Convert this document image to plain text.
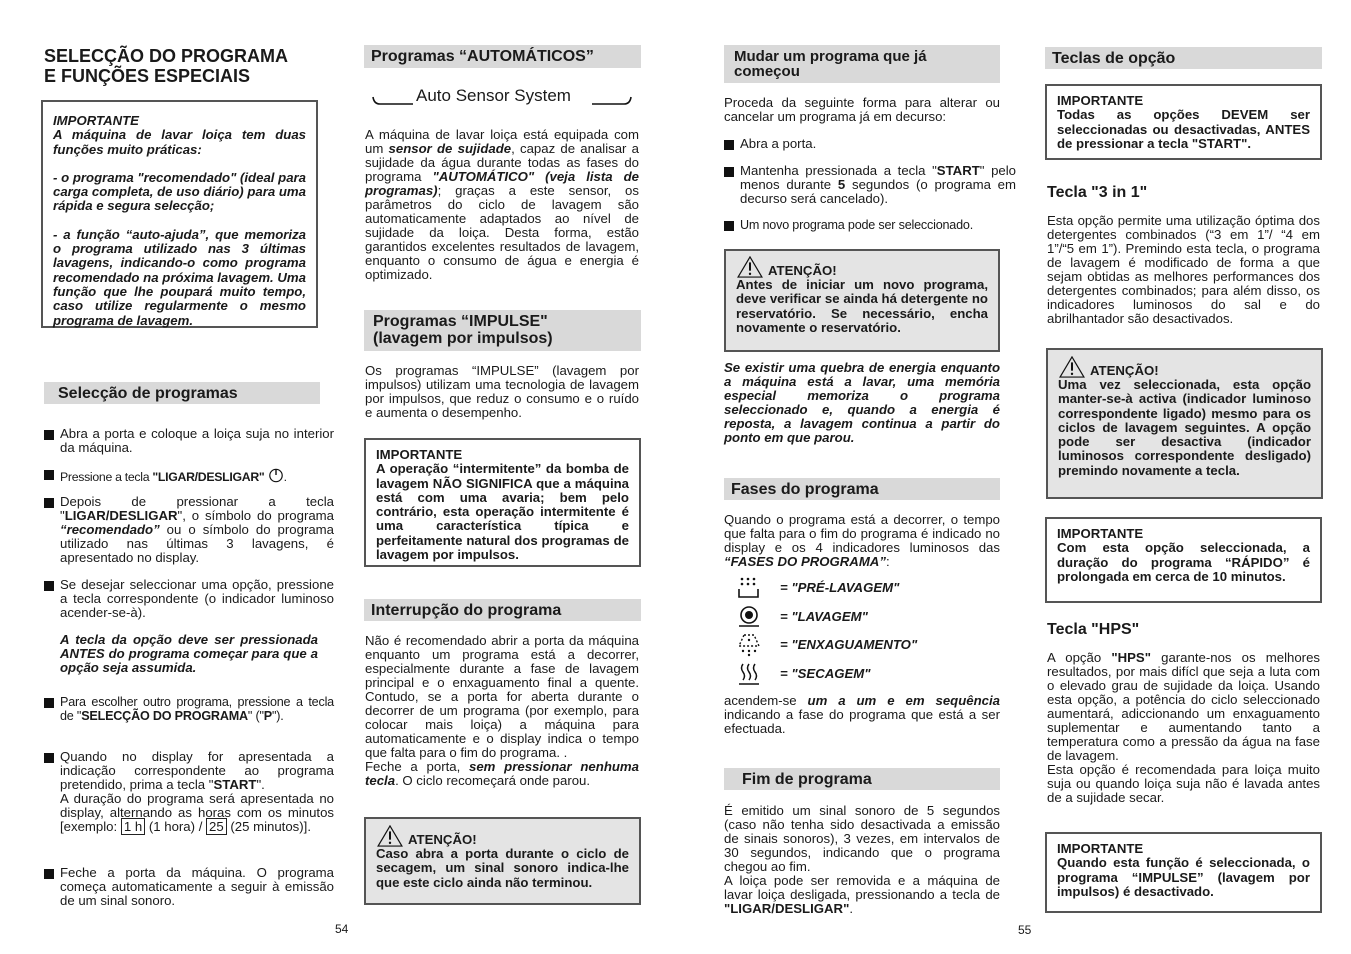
SELECÇÃO DO PROGRAMA
E FUNÇÕES ESPECIAIS
IMPORTANTE
A máquina de lavar loiça tem duas funções muito práticas:
- o programa "recomendado" (ideal para carga completa, de uso diário) para uma rápida e segura selecção;
- a função “auto-ajuda”, que memoriza o programa utilizado nas 3 últimas lavagens, indicando-o como programa recomendado na próxima lavagem. Uma função que lhe poupará muito tempo, caso utilize regularmente o mesmo programa de lavagem.
Selecção de programas
Abra a porta e coloque a loiça suja no interior da máquina.
Pressione a tecla "LIGAR/DESLIGAR" .
Depois de pressionar a tecla "LIGAR/DESLIGAR", o símbolo do programa “recomendado” ou o símbolo do programa utilizado nas últimas 3 lavagens, é apresentado no display.
Se desejar seleccionar uma opção, pressione a tecla correspondente (o indicador luminoso acender-se-à).
A tecla da opção deve ser pressionada ANTES do programa começar para que a opção seja assumida.
Para escolher outro programa, pressione a tecla de "SELECÇÃO DO PROGRAMA" ("P").
Quando no display for apresentada a indicação correspondente ao programa pretendido, prima a tecla "START".
A duração do programa será apresentada no display, alternando as horas com os minutos [exemplo: 1 h (1 hora) / 25 (25 minutos)].
Feche a porta da máquina. O programa começa automaticamente a seguir à emissão de um sinal sonoro.
54
Programas “AUTOMÁTICOS”
Auto Sensor System
A máquina de lavar loiça está equipada com um sensor de sujidade, capaz de analisar a sujidade da água durante todas as fases do programa "AUTOMÁTICO" (veja lista de programas); graças a este sensor, os parâmetros do ciclo de lavagem são automaticamente adaptados ao nível de sujidade da loiça. Desta forma, estão garantidos excelentes resultados de lavagem, enquanto o consumo de água e energia é optimizado.
Programas “IMPULSE"
(lavagem por impulsos)
Os programas “IMPULSE” (lavagem por impulsos) utilizam uma tecnologia de lavagem por impulsos, que reduz o consumo e o ruído e aumenta o desempenho.
IMPORTANTE
A operação “intermitente” da bomba de lavagem NÃO SIGNIFICA que a máquina está com uma avaria; bem pelo contrário, esta operação intermitente é uma característica típica e perfeitamente natural dos programas de lavagem por impulsos.
Interrupção do programa
Não é recomendado abrir a porta da máquina enquanto um programa está a decorrer, especialmente durante a fase de lavagem principal e o enxaguamento final a quente. Contudo, se a porta for aberta durante o decorrer de um programa (por exemplo, para colocar mais loiça) a máquina para automaticamente e o display indica o tempo que falta para o fim do programa. .
Feche a porta, sem pressionar nenhuma tecla. O ciclo recomeçará onde parou.
ATENÇÃO!
Caso abra a porta durante o ciclo de secagem, um sinal sonoro indica-lhe que este ciclo ainda não terminou.
Mudar um programa que já
começou
Proceda da seguinte forma para alterar ou cancelar um programa já em decurso:
Abra a porta.
Mantenha pressionada a tecla "START" pelo menos durante 5 segundos (o programa em decurso será cancelado).
Um novo programa pode ser seleccionado.
ATENÇÃO!
Antes de iniciar um novo programa, deve verificar se ainda há detergente no reservatório. Se necessário, encha novamente o reservatório.
Se existir uma quebra de energia enquanto a máquina está a lavar, uma memória especial memoriza o programa seleccionado e, quando a energia é reposta, a lavagem continua a partir do ponto em que parou.
Fases do programa
Quando o programa está a decorrer, o tempo que falta para o fim do programa é indicado no display e os 4 indicadores luminosos das “FASES DO PROGRAMA”:
= "PRÉ-LAVAGEM"
= "LAVAGEM"
= "ENXAGUAMENTO"
= "SECAGEM"
acendem-se um a um e em sequência indicando a fase do programa que está a ser efectuada.
Fim de programa
É emitido um sinal sonoro de 5 segundos (caso não tenha sido desactivada a emissão de sinais sonoros), 3 vezes, em intervalos de 30 segundos, indicando que o programa chegou ao fim.
A loiça pode ser removida e a máquina de lavar loiça desligada, pressionando a tecla de "LIGAR/DESLIGAR".
Teclas de opção
IMPORTANTE
Todas as opções DEVEM ser seleccionadas ou desactivadas, ANTES de pressionar a tecla "START".
Tecla "3 in 1"
Esta opção permite uma utilização óptima dos detergentes combinados (“3 em 1”/ “4 em 1”/“5 em 1”). Premindo esta tecla, o programa de lavagem é modificado de forma a que sejam obtidas as melhores performances dos detergentes combinados; para além disso, os indicadores luminosos do sal e do abrilhantador são desactivados.
ATENÇÃO!
Uma vez seleccionada, esta opção manter-se-à activa (indicador luminoso correspondente ligado) mesmo para os ciclos de lavagem seguintes. A opção pode ser desactiva (indicador luminosos correspondente desligado) premindo novamente a tecla.
IMPORTANTE
Com esta opção seleccionada, a duração do programa “RÁPIDO” é prolongada em cerca de 10 minutos.
Tecla "HPS"
A opção "HPS" garante-nos os melhores resultados, por mais difícl que seja a luta com o elevado grau de sujidade da loiça. Usando esta opção, a potência do ciclo seleccionado aumentará, adiccionando um enxaguamento suplementar e aumentando tanto a temperatura como a pressão da água na fase de lavagem.
Esta opção é recomendada para loiça muito suja ou quando loiça suja não é lavada antes de a sujidade secar.
IMPORTANTE
Quando esta função é seleccionada, o programa “IMPULSE” (lavagem por impulsos) é desactivado.
55
